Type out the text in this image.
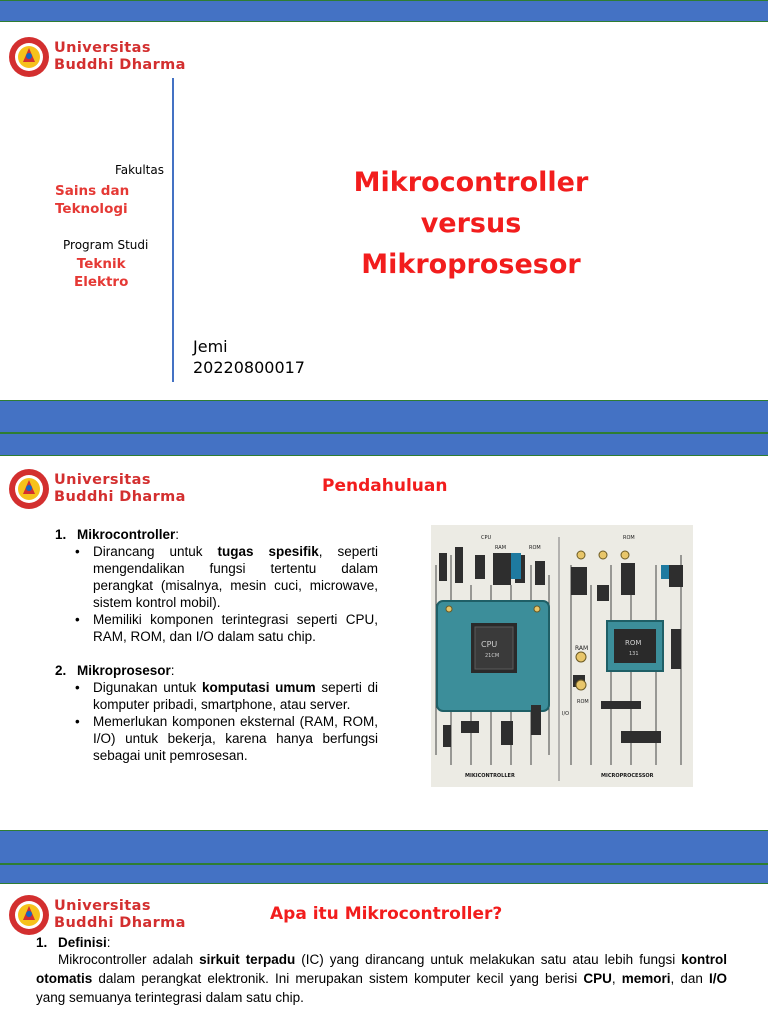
Universitas
Buddhi Dharma
Fakultas
Sains dan
Teknologi
Program Studi
Teknik
Elektro
Mikrocontroller
versus
Mikroprosesor
Jemi
20220800017
Universitas
Buddhi Dharma
Pendahuluan
1. Mikrocontroller:
• Dirancang untuk tugas spesifik, seperti mengendalikan fungsi tertentu dalam perangkat (misalnya, mesin cuci, microwave, sistem kontrol mobil).
• Memiliki komponen terintegrasi seperti CPU, RAM, ROM, dan I/O dalam satu chip.
2. Mikroprosesor:
• Digunakan untuk komputasi umum seperti di komputer pribadi, smartphone, atau server.
• Memerlukan komponen eksternal (RAM, ROM, I/O) untuk bekerja, karena hanya berfungsi sebagai unit pemrosesan.
CPU
RAM	ROM
ROM
RAM
ROM
I/O
MIKICONTROLLER	MICROPROCESSOR
CPU
21CM
ROM
131
Universitas
Buddhi Dharma	Apa itu Mikrocontroller?
1. Definisi:
Mikrocontroller adalah sirkuit terpadu (IC) yang dirancang untuk melakukan satu atau lebih fungsi kontrol otomatis dalam perangkat elektronik. Ini merupakan sistem komputer kecil yang berisi CPU, memori, dan I/O yang semuanya terintegrasi dalam satu chip.
